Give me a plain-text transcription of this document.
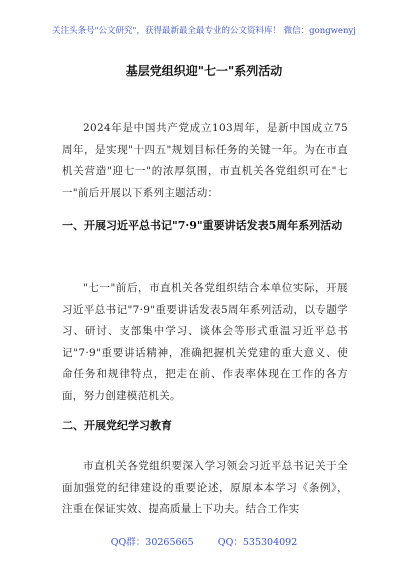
关注头条号"公文研究"，获得最新最全最专业的公文资料库！ 微信：gongwenyj
基层党组织迎"七一"系列活动

2024年是中国共产党成立103周年，是新中国成立75周年，是实现"十四五"规划目标任务的关键一年。为在市直机关营造"迎七一"的浓厚氛围，市直机关各党组织可在"七一"前后开展以下系列主题活动：

一、开展习近平总书记"7·9"重要讲话发表5周年系列活动

"七一"前后，市直机关各党组织结合本单位实际，开展习近平总书记"7·9"重要讲话发表5周年系列活动，以专题学习、研讨、支部集中学习、谈体会等形式重温习近平总书记"7·9"重要讲话精神，准确把握机关党建的重大意义、使命任务和规律特点，把走在前、作表率体现在工作的各方面，努力创建模范机关。

二、开展党纪学习教育

市直机关各党组织要深入学习领会习近平总书记关于全面加强党的纪律建设的重要论述，原原本本学习《条例》，注重在保证实效、提高质量上下功夫。结合工作实

QQ群：30265665        QQ：535304092
